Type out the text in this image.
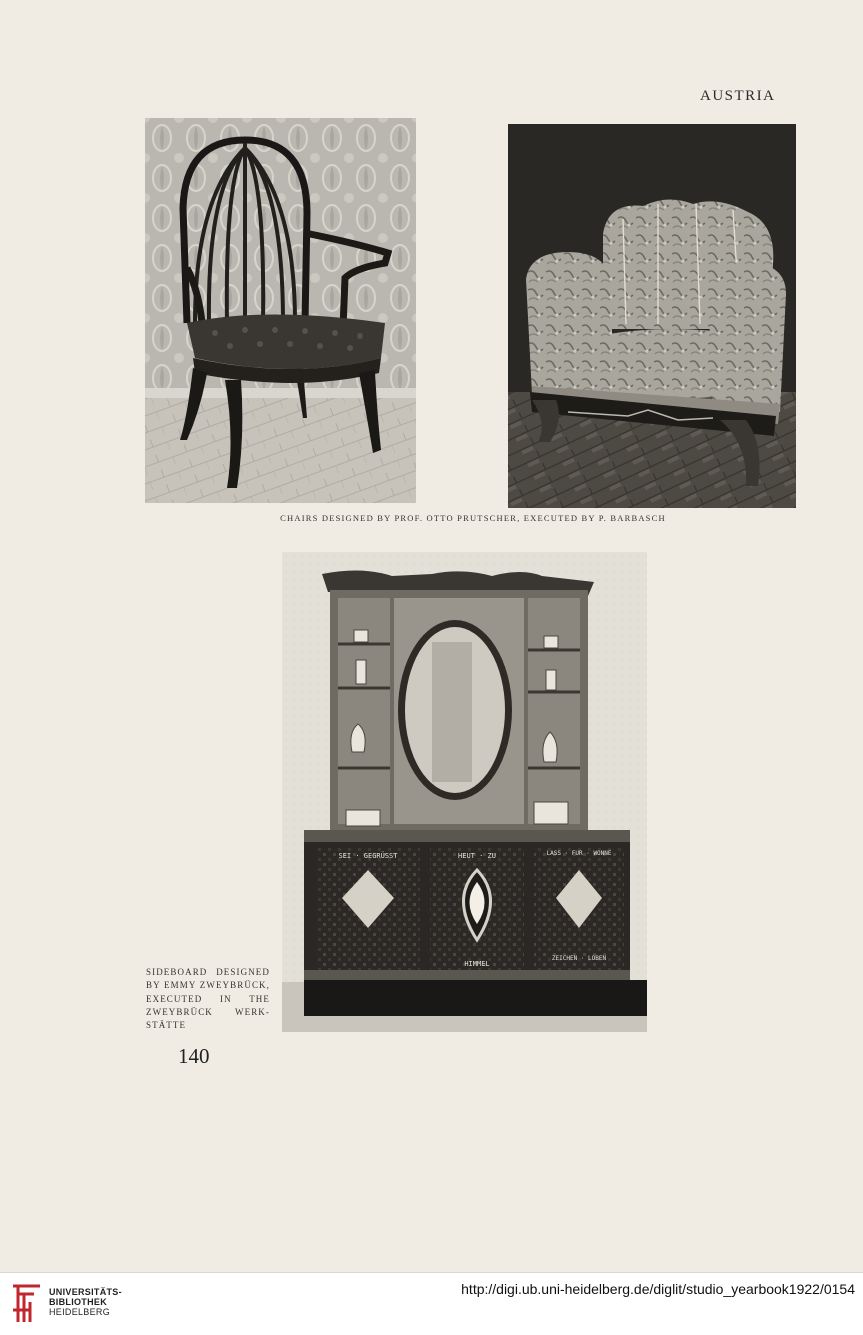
AUSTRIA
CHAIRS DESIGNED BY PROF. OTTO PRUTSCHER, EXECUTED BY P. BARBASCH
SEI · GEGRÜSST	HEUT · ZU
HIMMEL
LASS · FUR · WONNE
ZEICHEN · LOBEN
SIDEBOARD DESIGNED
BY EMMY ZWEYBRÜCK,
EXECUTED IN THE
ZWEYBRÜCK WERK-
STÄTTE
140
UNIVERSITÄTS-
BIBLIOTHEK
HEIDELBERG
http://digi.ub.uni-heidelberg.de/diglit/studio_yearbook1922/0154
